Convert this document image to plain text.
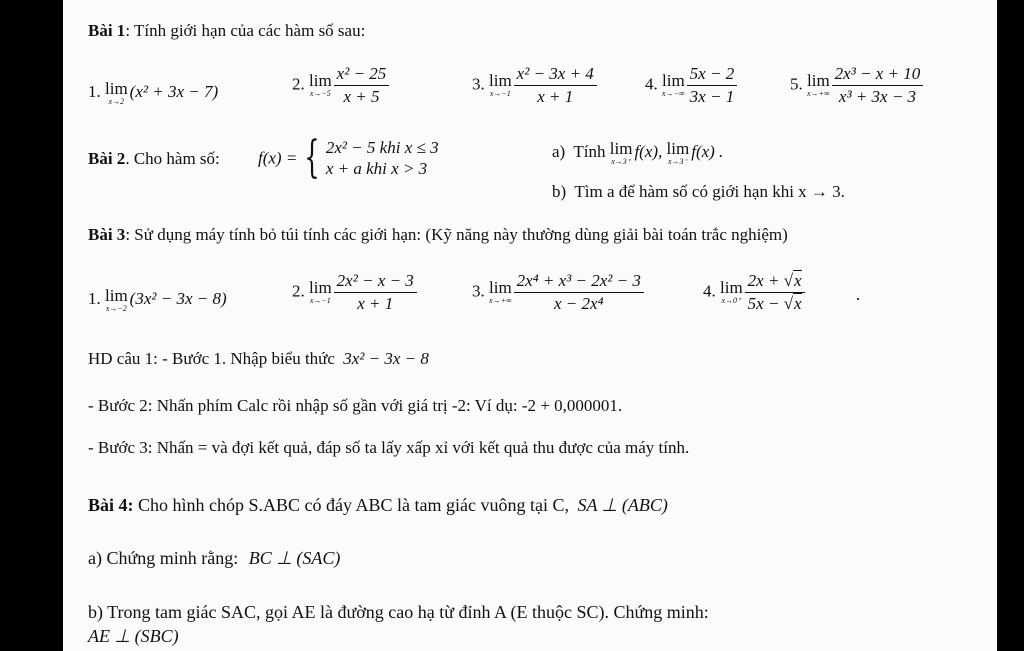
Bài 1: Tính giới hạn của các hàm số sau:
1. lim
x→2
(x² + 3x − 7)	2. lim
$x\to-5 \frac{\text{x² − 25}}{x + 5}$	3. lim
$x\to-1 \frac{\text{x² − 3x + 4}}{x + 1}$	4. lim
$x\to-\infty \frac{5x - 2}{3x - 1}$	5. lim
$x\to+\infty \frac{\text{2x³ − x + 10}}{\text{x³ + 3x − 3}}$
Bài 2. Cho hàm số: f(x) = { 2x² − 5 khi x ≤ 3
x + a khi x > 3
a) Tính lim
x→3⁺
f(x), lim
x→3⁻
f(x) .
b) Tìm a để hàm số có giới hạn khi x → 3.
Bài 3: Sử dụng máy tính bỏ túi tính các giới hạn: (Kỹ năng này thường dùng giải bài toán trắc nghiệm)
1. lim
x→−2
(3x² − 3x − 8)	2. lim
$x\to-1 \frac{\text{2x² − x − 3}}{x + 1}$	3. lim
$x\to+\infty \frac{\text{2x⁴ + x³ − 2x² − 3}}{\text{x − 2x⁴}}$	4. lim
$x\to 0^+ \frac{2x + √x}{5x - √x}$
HD câu 1: - Bước 1. Nhập biểu thức 3x² − 3x − 8
- Bước 2: Nhấn phím Calc rồi nhập số gần với giá trị -2: Ví dụ: -2 + 0,000001.
- Bước 3: Nhấn = và đợi kết quả, đáp số ta lấy xấp xỉ với kết quả thu được của máy tính.
Bài 4: Cho hình chóp S.ABC có đáy ABC là tam giác vuông tại C, SA ⊥ (ABC)
a) Chứng minh rằng: BC ⊥ (SAC)
b) Trong tam giác SAC, gọi AE là đường cao hạ từ đỉnh A (E thuộc SC). Chứng minh:
AE ⊥ (SBC)
